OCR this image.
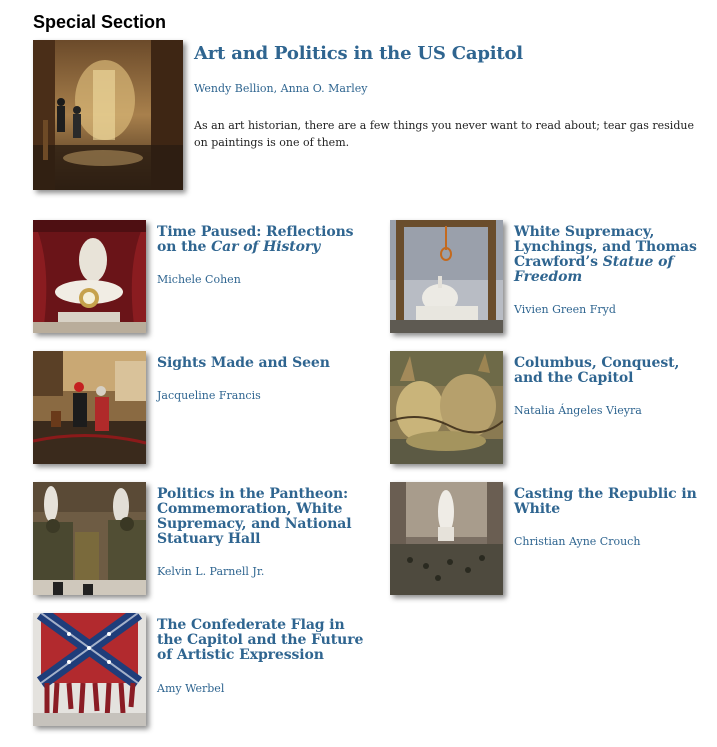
Special Section
Art and Politics in the US Capitol

Wendy Bellion, Anna O. Marley

As an art historian, there are a few things you never want to read about; tear gas residue on paintings is one of them.

Time Paused: Reflections on the Car of History

Michele Cohen

White Supremacy, Lynchings, and Thomas Crawford’s Statue of Freedom

Vivien Green Fryd

Sights Made and Seen

Jacqueline Francis

Columbus, Conquest, and the Capitol

Natalia Ángeles Vieyra

Politics in the Pantheon: Commemoration, White Supremacy, and National Statuary Hall

Kelvin L. Parnell Jr.

Casting the Republic in White

Christian Ayne Crouch

The Confederate Flag in the Capitol and the Future of Artistic Expression

Amy Werbel
